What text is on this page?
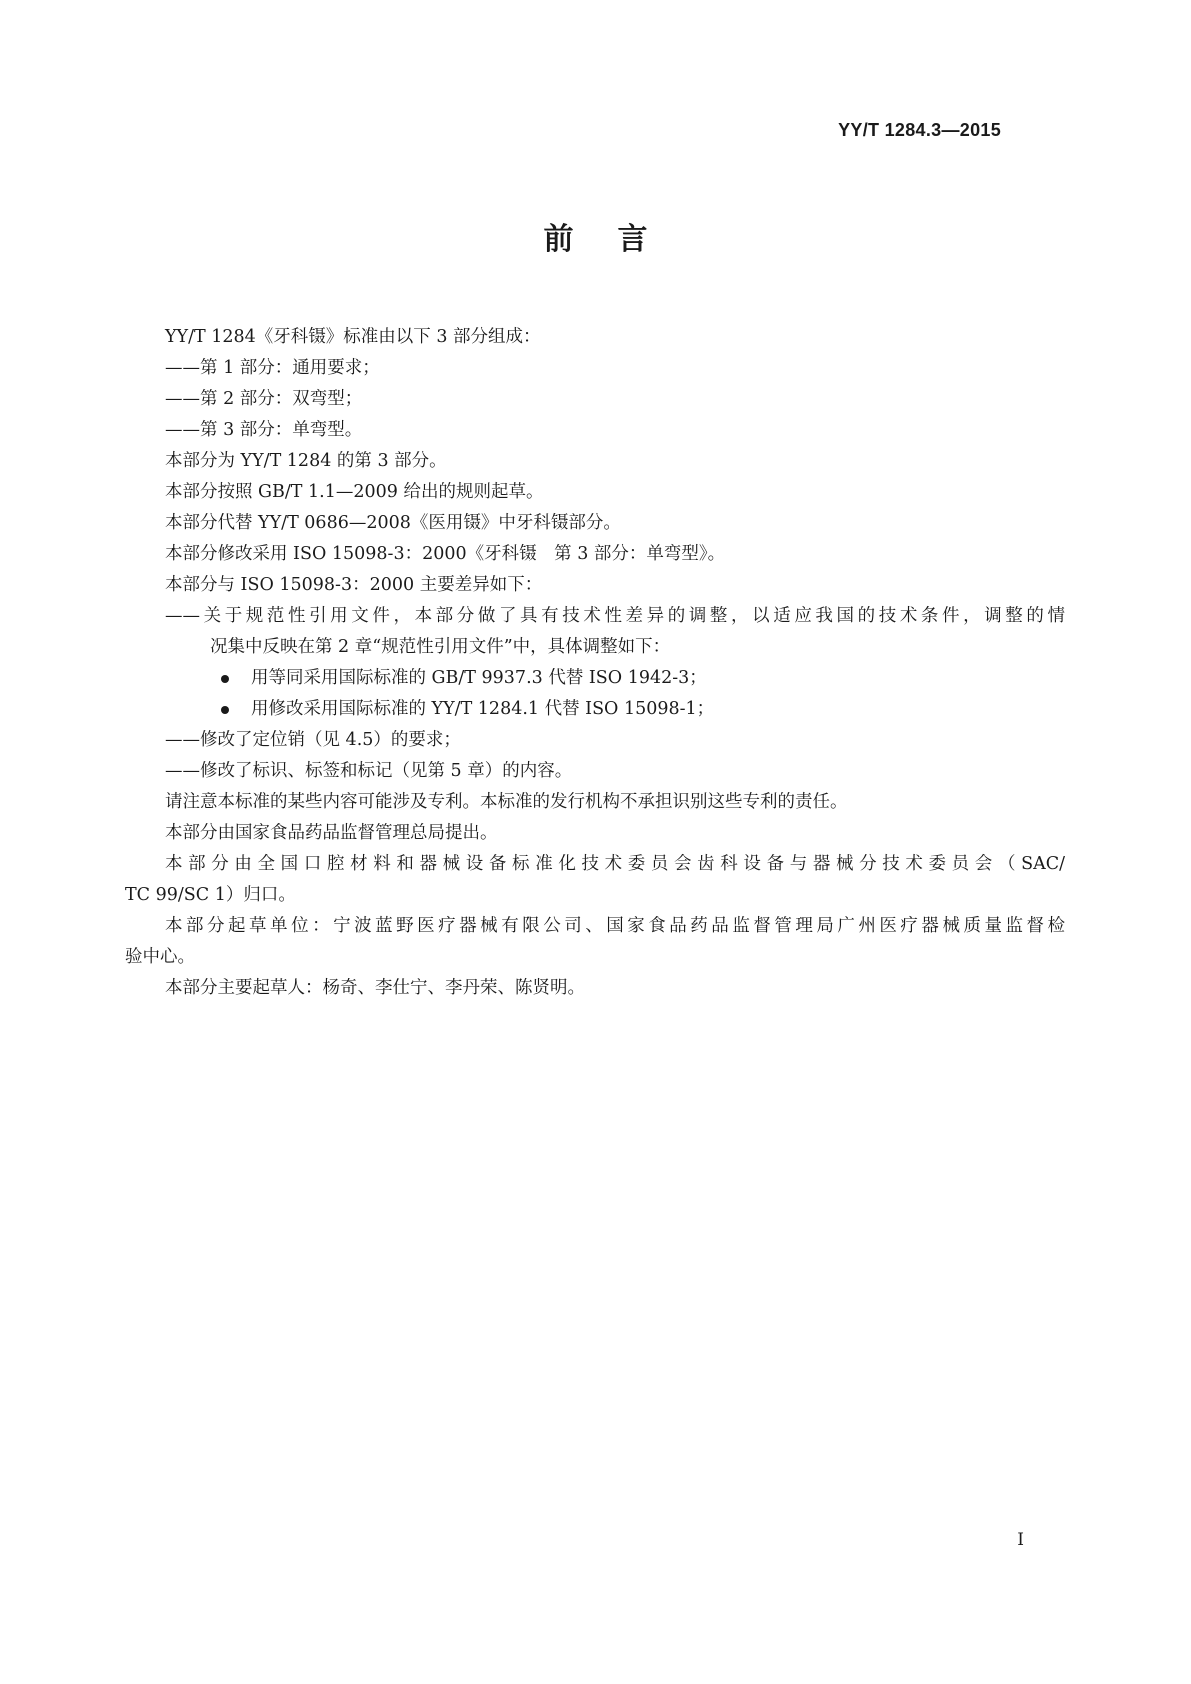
YY/T 1284.3—2015
前言

YY/T 1284《牙科镊》标准由以下 3 部分组成：

——第 1 部分：通用要求；

——第 2 部分：双弯型；

——第 3 部分：单弯型。

本部分为 YY/T 1284 的第 3 部分。

本部分按照 GB/T 1.1—2009 给出的规则起草。

本部分代替 YY/T 0686—2008《医用镊》中牙科镊部分。

本部分修改采用 ISO 15098-3：2000《牙科镊　第 3 部分：单弯型》。

本部分与 ISO 15098-3：2000 主要差异如下：

——关于规范性引用文件，本部分做了具有技术性差异的调整，以适应我国的技术条件，调整的情

况集中反映在第 2 章“规范性引用文件”中，具体调整如下：

用等同采用国际标准的 GB/T 9937.3 代替 ISO 1942-3；

用修改采用国际标准的 YY/T 1284.1 代替 ISO 15098-1；

——修改了定位销（见 4.5）的要求；

——修改了标识、标签和标记（见第 5 章）的内容。

请注意本标准的某些内容可能涉及专利。本标准的发行机构不承担识别这些专利的责任。

本部分由国家食品药品监督管理总局提出。

本部分由全国口腔材料和器械设备标准化技术委员会齿科设备与器械分技术委员会（SAC/

TC 99/SC 1）归口。

本部分起草单位：宁波蓝野医疗器械有限公司、国家食品药品监督管理局广州医疗器械质量监督检

验中心。

本部分主要起草人：杨奇、李仕宁、李丹荣、陈贤明。

I
